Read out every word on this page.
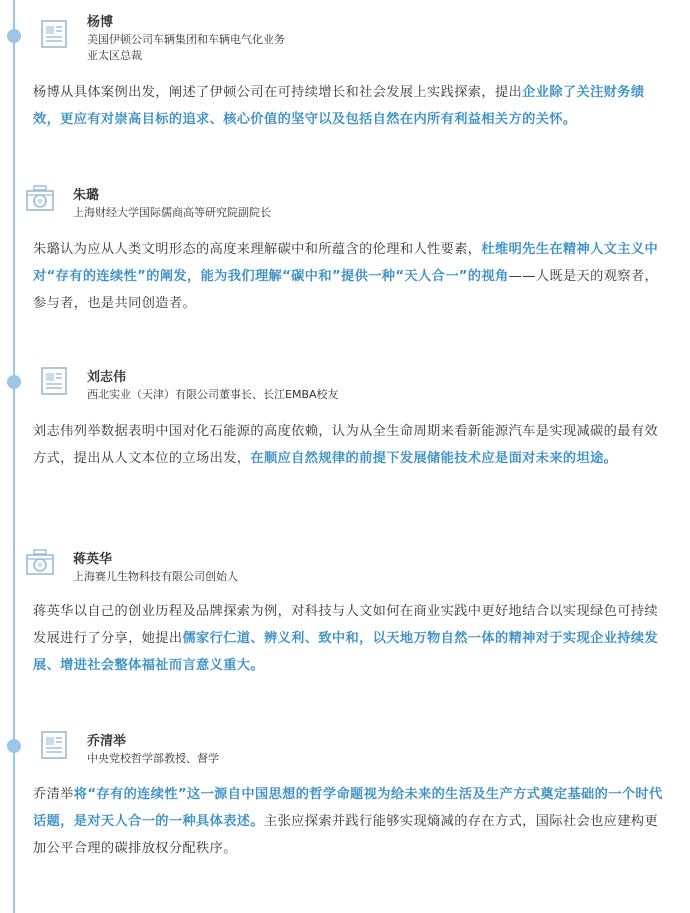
杨博
美国伊顿公司车辆集团和车辆电气化业务
亚太区总裁

杨博从具体案例出发，阐述了伊顿公司在可持续增长和社会发展上实践探索，提出企业除了关注财务绩效，更应有对崇高目标的追求、核心价值的坚守以及包括自然在内所有利益相关方的关怀。

朱璐
上海财经大学国际儒商高等研究院副院长

朱璐认为应从人类文明形态的高度来理解碳中和所蕴含的伦理和人性要素，杜维明先生在精神人文主义中对“存有的连续性”的阐发，能为我们理解“碳中和”提供一种“天人合一”的视角——人既是天的观察者，参与者，也是共同创造者。

刘志伟
西北实业（天津）有限公司董事长、长江EMBA校友

刘志伟列举数据表明中国对化石能源的高度依赖，认为从全生命周期来看新能源汽车是实现减碳的最有效方式，提出从人文本位的立场出发，在顺应自然规律的前提下发展储能技术应是面对未来的坦途。

蒋英华
上海赛儿生物科技有限公司创始人

蒋英华以自己的创业历程及品牌探索为例，对科技与人文如何在商业实践中更好地结合以实现绿色可持续发展进行了分享，她提出儒家行仁道、辨义利、致中和，以天地万物自然一体的精神对于实现企业持续发展、增进社会整体福祉而言意义重大。

乔清举
中央党校哲学部教授、督学

乔清举将“存有的连续性”这一源自中国思想的哲学命题视为给未来的生活及生产方式奠定基础的一个时代话题，是对天人合一的一种具体表述。主张应探索并践行能够实现熵减的存在方式，国际社会也应建构更加公平合理的碳排放权分配秩序。
